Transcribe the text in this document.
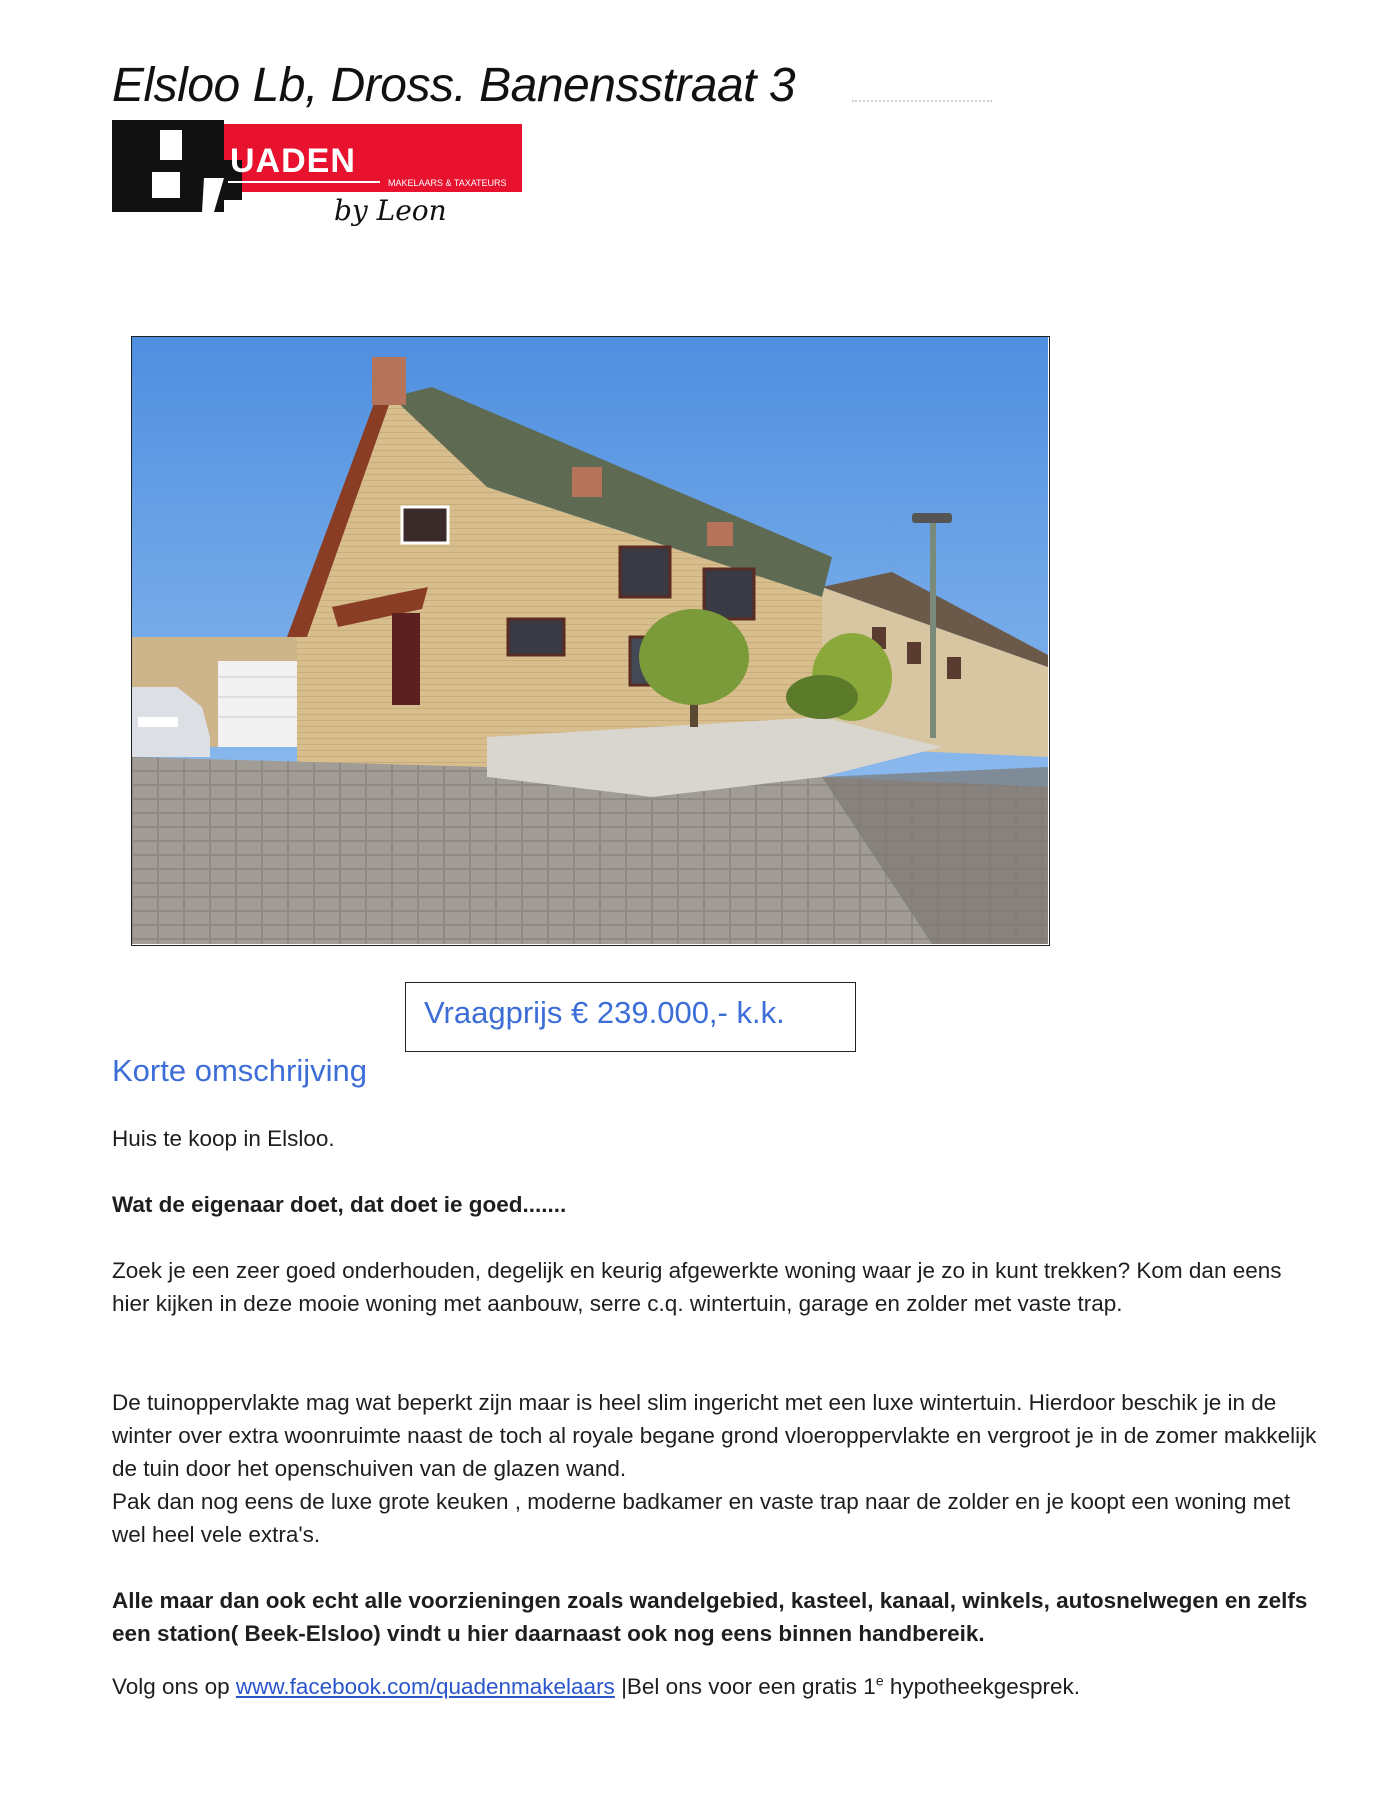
Elsloo Lb, Dross. Banensstraat 3
UADEN
MAKELAARS & TAXATEURS
by Leon
Vraagprijs € 239.000,- k.k.
Korte omschrijving

Huis te koop in Elsloo.

Wat de eigenaar doet, dat doet ie goed.......

Zoek je een zeer goed onderhouden, degelijk en keurig afgewerkte woning waar je zo in kunt trekken? Kom dan eens hier kijken in deze mooie woning met aanbouw, serre c.q. wintertuin, garage en zolder met vaste trap.

De tuinoppervlakte mag wat beperkt zijn maar is heel slim ingericht met een luxe wintertuin. Hierdoor beschik je in de winter over extra woonruimte naast de toch al royale begane grond vloeroppervlakte en vergroot je in de zomer makkelijk de tuin door het openschuiven van de glazen wand.
Pak dan nog eens de luxe grote keuken , moderne badkamer en vaste trap naar de zolder en je koopt een woning met wel heel vele extra's.

Alle maar dan ook echt alle voorzieningen zoals wandelgebied, kasteel, kanaal, winkels, autosnelwegen en zelfs een station( Beek-Elsloo) vindt u hier daarnaast ook nog eens binnen handbereik.

Volg ons op www.facebook.com/quadenmakelaars |Bel ons voor een gratis 1e hypotheekgesprek.
